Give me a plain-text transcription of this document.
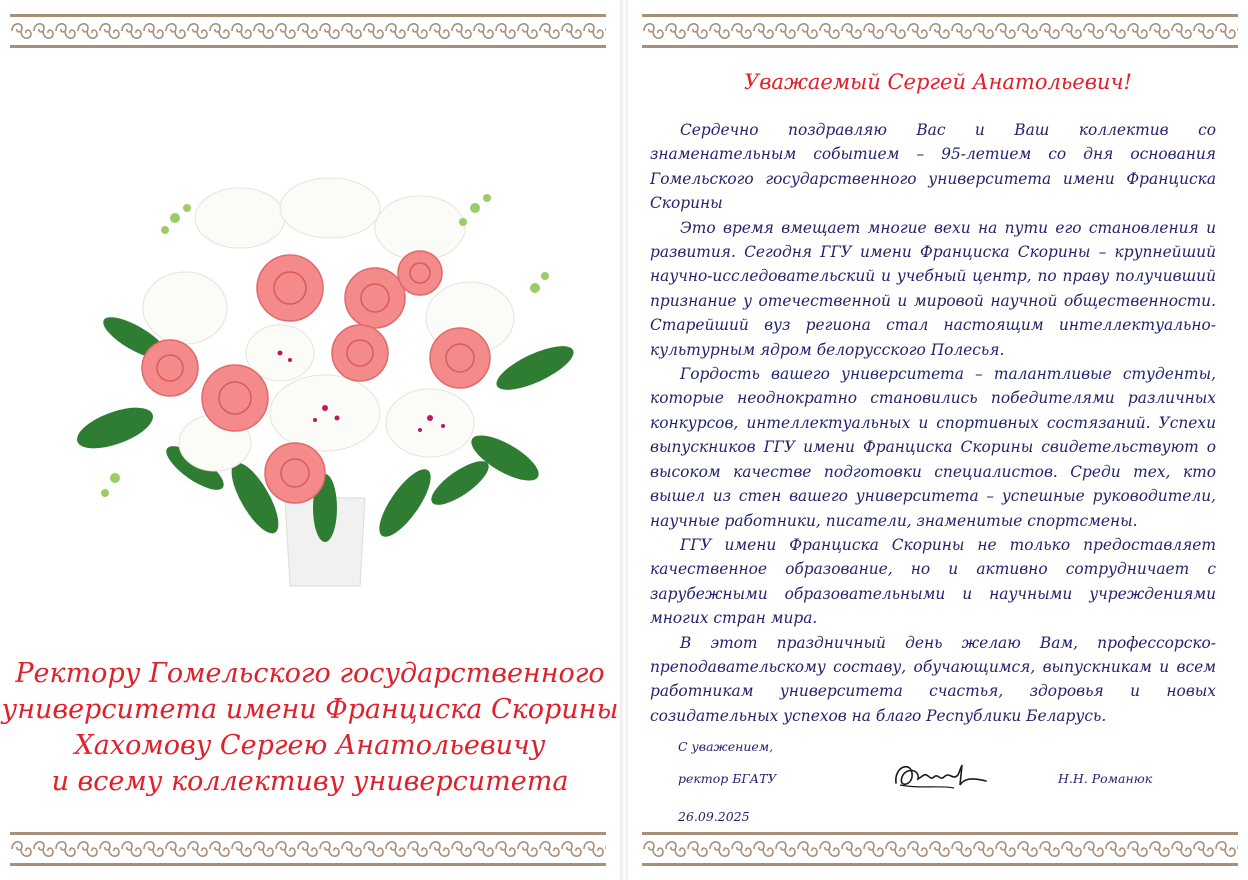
Ректору Гомельского государственного
университета имени Франциска Скорины
Хахомову Сергею Анатольевичу
и всему коллективу университета
Уважаемый Сергей Анатольевич!

Сердечно поздравляю Вас и Ваш коллектив со знаменательным событием – 95-летием со дня основания Гомельского государственного университета имени Франциска Скорины

Это время вмещает многие вехи на пути его становления и развития. Сегодня ГГУ имени Франциска Скорины – крупнейший научно-исследовательский и учебный центр, по праву получивший признание у отечественной и мировой научной общественности. Старейший вуз региона стал настоящим интеллектуально-культурным ядром белорусского Полесья.

Гордость вашего университета – талантливые студенты, которые неоднократно становились победителями различных конкурсов, интеллектуальных и спортивных состязаний. Успехи выпускников ГГУ имени Франциска Скорины свидетельствуют о высоком качестве подготовки специалистов. Среди тех, кто вышел из стен вашего университета – успешные руководители, научные работники, писатели, знаменитые спортсмены.

ГГУ имени Франциска Скорины не только предоставляет качественное образование, но и активно сотрудничает с зарубежными образовательными и научными учреждениями многих стран мира.

В этот праздничный день желаю Вам, профессорско-преподавательскому составу, обучающимся, выпускникам и всем работникам университета счастья, здоровья и новых созидательных успехов на благо Республики Беларусь.

С уважением,
ректор БГАТУ	Н.Н. Романюк
26.09.2025
